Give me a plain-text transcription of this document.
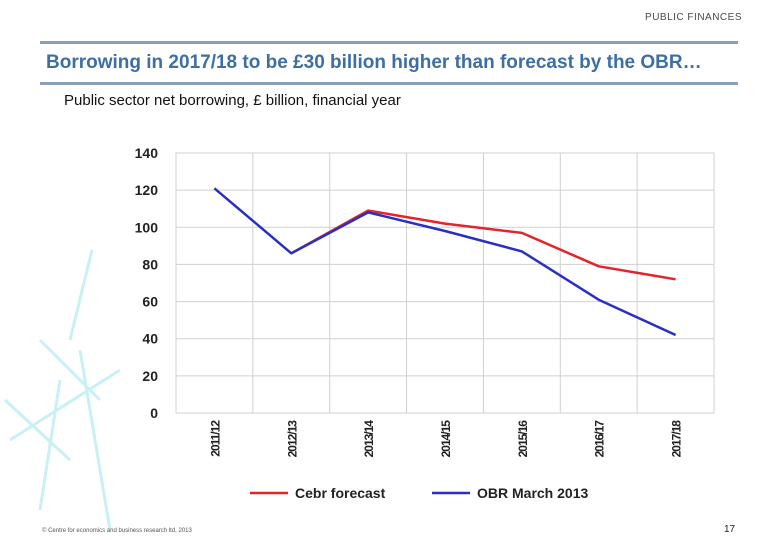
PUBLIC FINANCES
Borrowing in 2017/18 to be £30 billion higher than forecast by the OBR…
Public sector net borrowing, £ billion, financial year
0
20
40
60
80
100
120
140
2011/12	2012/13	2013/14	2014/15	2015/16	2016/17	2017/18
Cebr forecast	OBR March 2013
© Centre for economics and business research ltd, 2013	17
